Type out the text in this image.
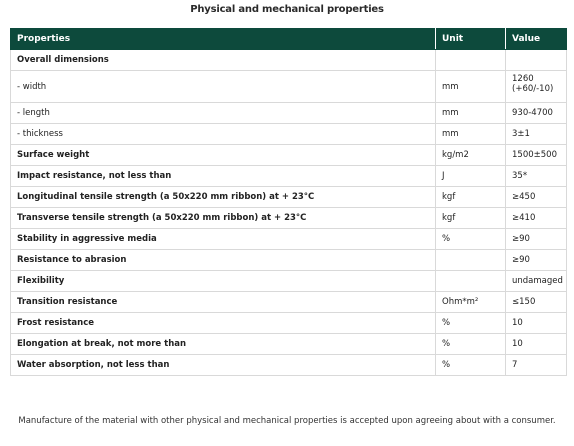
Physical and mechanical properties
Properties	Unit	Value
Overall dimensions		
- width	mm	1260
(+60/-10)
- length	mm	930-4700
- thickness	mm	3±1
Surface weight	kg/m2	1500±500
Impact resistance, not less than	J	35*
Longitudinal tensile strength (a 50x220 mm ribbon) at + 23°C	kgf	≥450
Transverse tensile strength (a 50x220 mm ribbon) at + 23°C	kgf	≥410
Stability in aggressive media	%	≥90
Resistance to abrasion		≥90
Flexibility		undamaged
Transition resistance	Ohm*m²	≤150
Frost resistance	%	10
Elongation at break, not more than	%	10
Water absorption, not less than	%	7
Manufacture of the material with other physical and mechanical properties is accepted upon agreeing about with a consumer.
